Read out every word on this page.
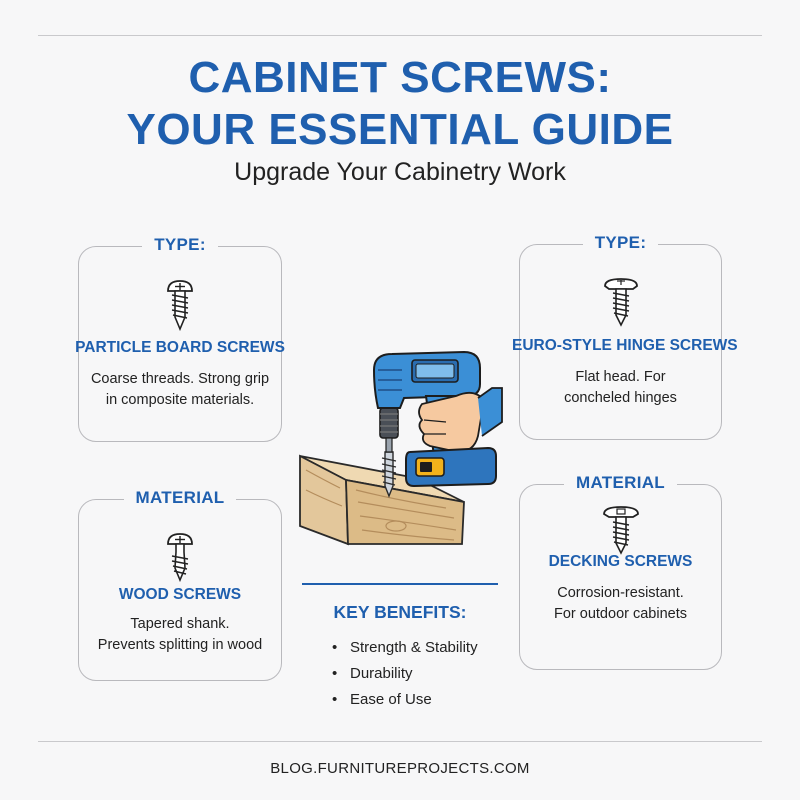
CABINET SCREWS:
YOUR ESSENTIAL GUIDE
Upgrade Your Cabinetry Work
TYPE:
PARTICLE BOARD SCREWS
Coarse threads. Strong grip
in composite materials.
TYPE:
EURO-STYLE HINGE SCREWS
Flat head. For
concheled hinges
MATERIAL
WOOD SCREWS
Tapered shank.
Prevents splitting in wood
MATERIAL
DECKING SCREWS
Corrosion-resistant.
For outdoor cabinets
KEY BENEFITS:
• Strength & Stability
• Durability
• Ease of Use
BLOG.FURNITUREPROJECTS.COM
